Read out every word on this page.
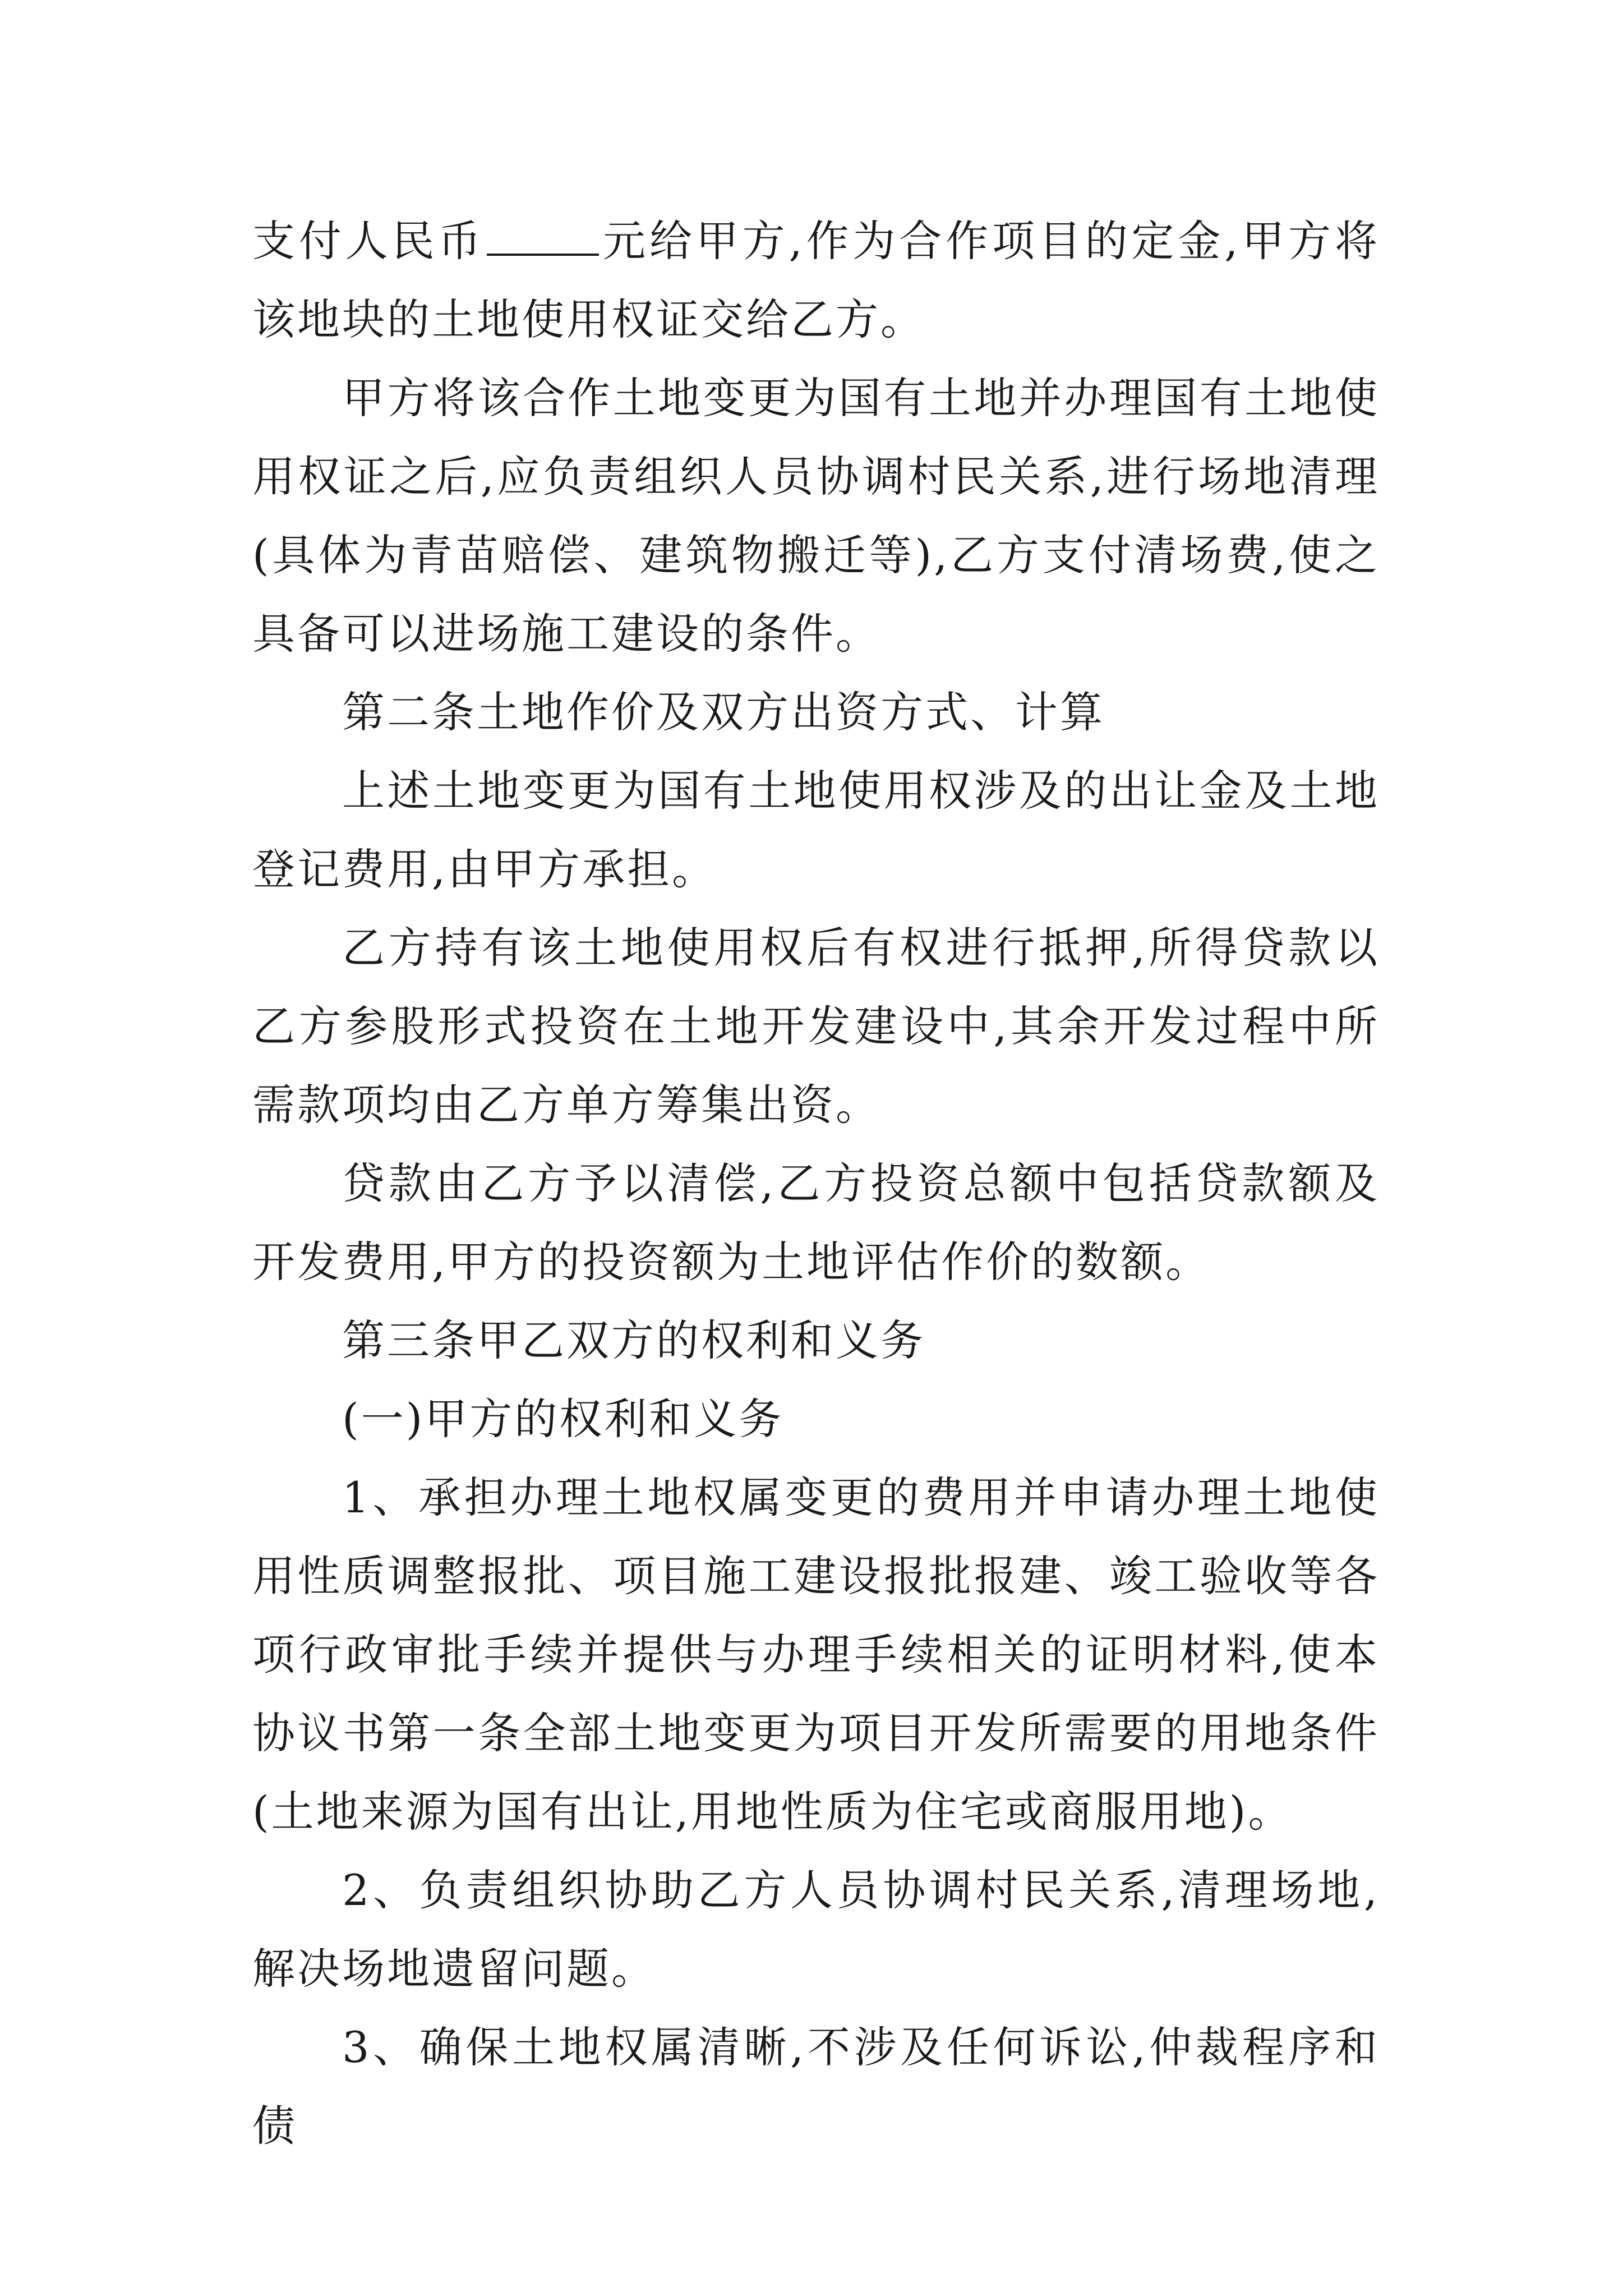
支付人民币	元给甲方,作为合作项目的定金,甲方将该地块的土地使用权证交给乙方。

甲方将该合作土地变更为国有土地并办理国有土地使用权证之后,应负责组织人员协调村民关系,进行场地清理(具体为青苗赔偿、建筑物搬迁等),乙方支付清场费,使之具备可以进场施工建设的条件。

第二条土地作价及双方出资方式、计算

上述土地变更为国有土地使用权涉及的出让金及土地登记费用,由甲方承担。

乙方持有该土地使用权后有权进行抵押,所得贷款以乙方参股形式投资在土地开发建设中,其余开发过程中所需款项均由乙方单方筹集出资。

贷款由乙方予以清偿,乙方投资总额中包括贷款额及开发费用,甲方的投资额为土地评估作价的数额。

第三条甲乙双方的权利和义务

(一)甲方的权利和义务

1、承担办理土地权属变更的费用并申请办理土地使用性质调整报批、项目施工建设报批报建、竣工验收等各项行政审批手续并提供与办理手续相关的证明材料,使本协议书第一条全部土地变更为项目开发所需要的用地条件(土地来源为国有出让,用地性质为住宅或商服用地)。

2、负责组织协助乙方人员协调村民关系,清理场地,解决场地遗留问题。

3、确保土地权属清晰,不涉及任何诉讼,仲裁程序和债
